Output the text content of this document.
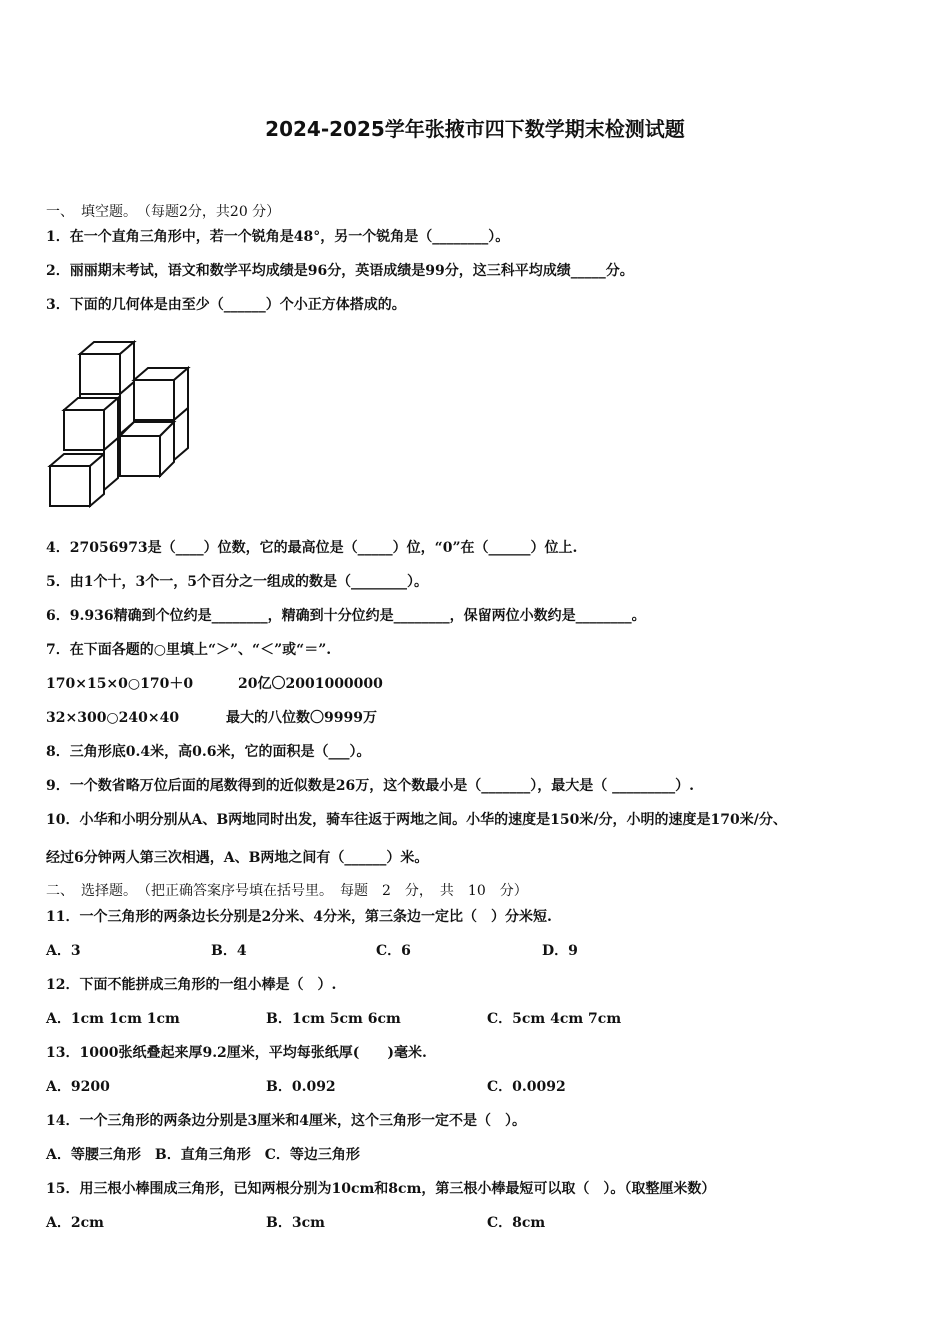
2024-2025学年张掖市四下数学期末检测试题
一、　填空题。　（每题2分，共20 分）
1．在一个直角三角形中，若一个锐角是48°，另一个锐角是（________）。
2．丽丽期末考试，语文和数学平均成绩是96分，英语成绩是99分，这三科平均成绩_____分。
3．下面的几何体是由至少（______）个小正方体搭成的。
4．27056973是（____）位数，它的最高位是（_____）位，“0”在（______）位上.
5．由1个十，3个一，5个百分之一组成的数是（________）。
6．9.936精确到个位约是________，精确到十分位约是________，保留两位小数约是________。
7．在下面各题的○里填上“＞”、“＜”或“＝”.
170×15×0○170＋0	20亿〇2001000000
32×300○240×40	最大的八位数〇9999万
8．三角形底0.4米，高0.6米，它的面积是（___）。
9．一个数省略万位后面的尾数得到的近似数是26万，这个数最小是（_______），最大是（ _________）.
10．小华和小明分别从A、B两地同时出发，骑车往返于两地之间。小华的速度是150米/分，小明的速度是170米/分、
经过6分钟两人第三次相遇，A、B两地之间有（______）米。
二、　选择题。　（把正确答案序号填在括号里。　每题　2　分，　共　10　分）
11．一个三角形的两条边长分别是2分米、4分米，第三条边一定比（　）分米短.
A．3	B．4	C．6	D．9
12．下面不能拼成三角形的一组小棒是（　）.
A．1cm 1cm 1cm	B．1cm 5cm 6cm	C．5cm 4cm 7cm
13．1000张纸叠起来厚9.2厘米，平均每张纸厚(　　)毫米.
A．9200	B．0.092	C．0.0092
14．一个三角形的两条边分别是3厘米和4厘米，这个三角形一定不是（　）。
A．等腰三角形　B．直角三角形　C．等边三角形
15．用三根小棒围成三角形，已知两根分别为10cm和8cm，第三根小棒最短可以取（　）。（取整厘米数）
A．2cm	B．3cm	C．8cm
